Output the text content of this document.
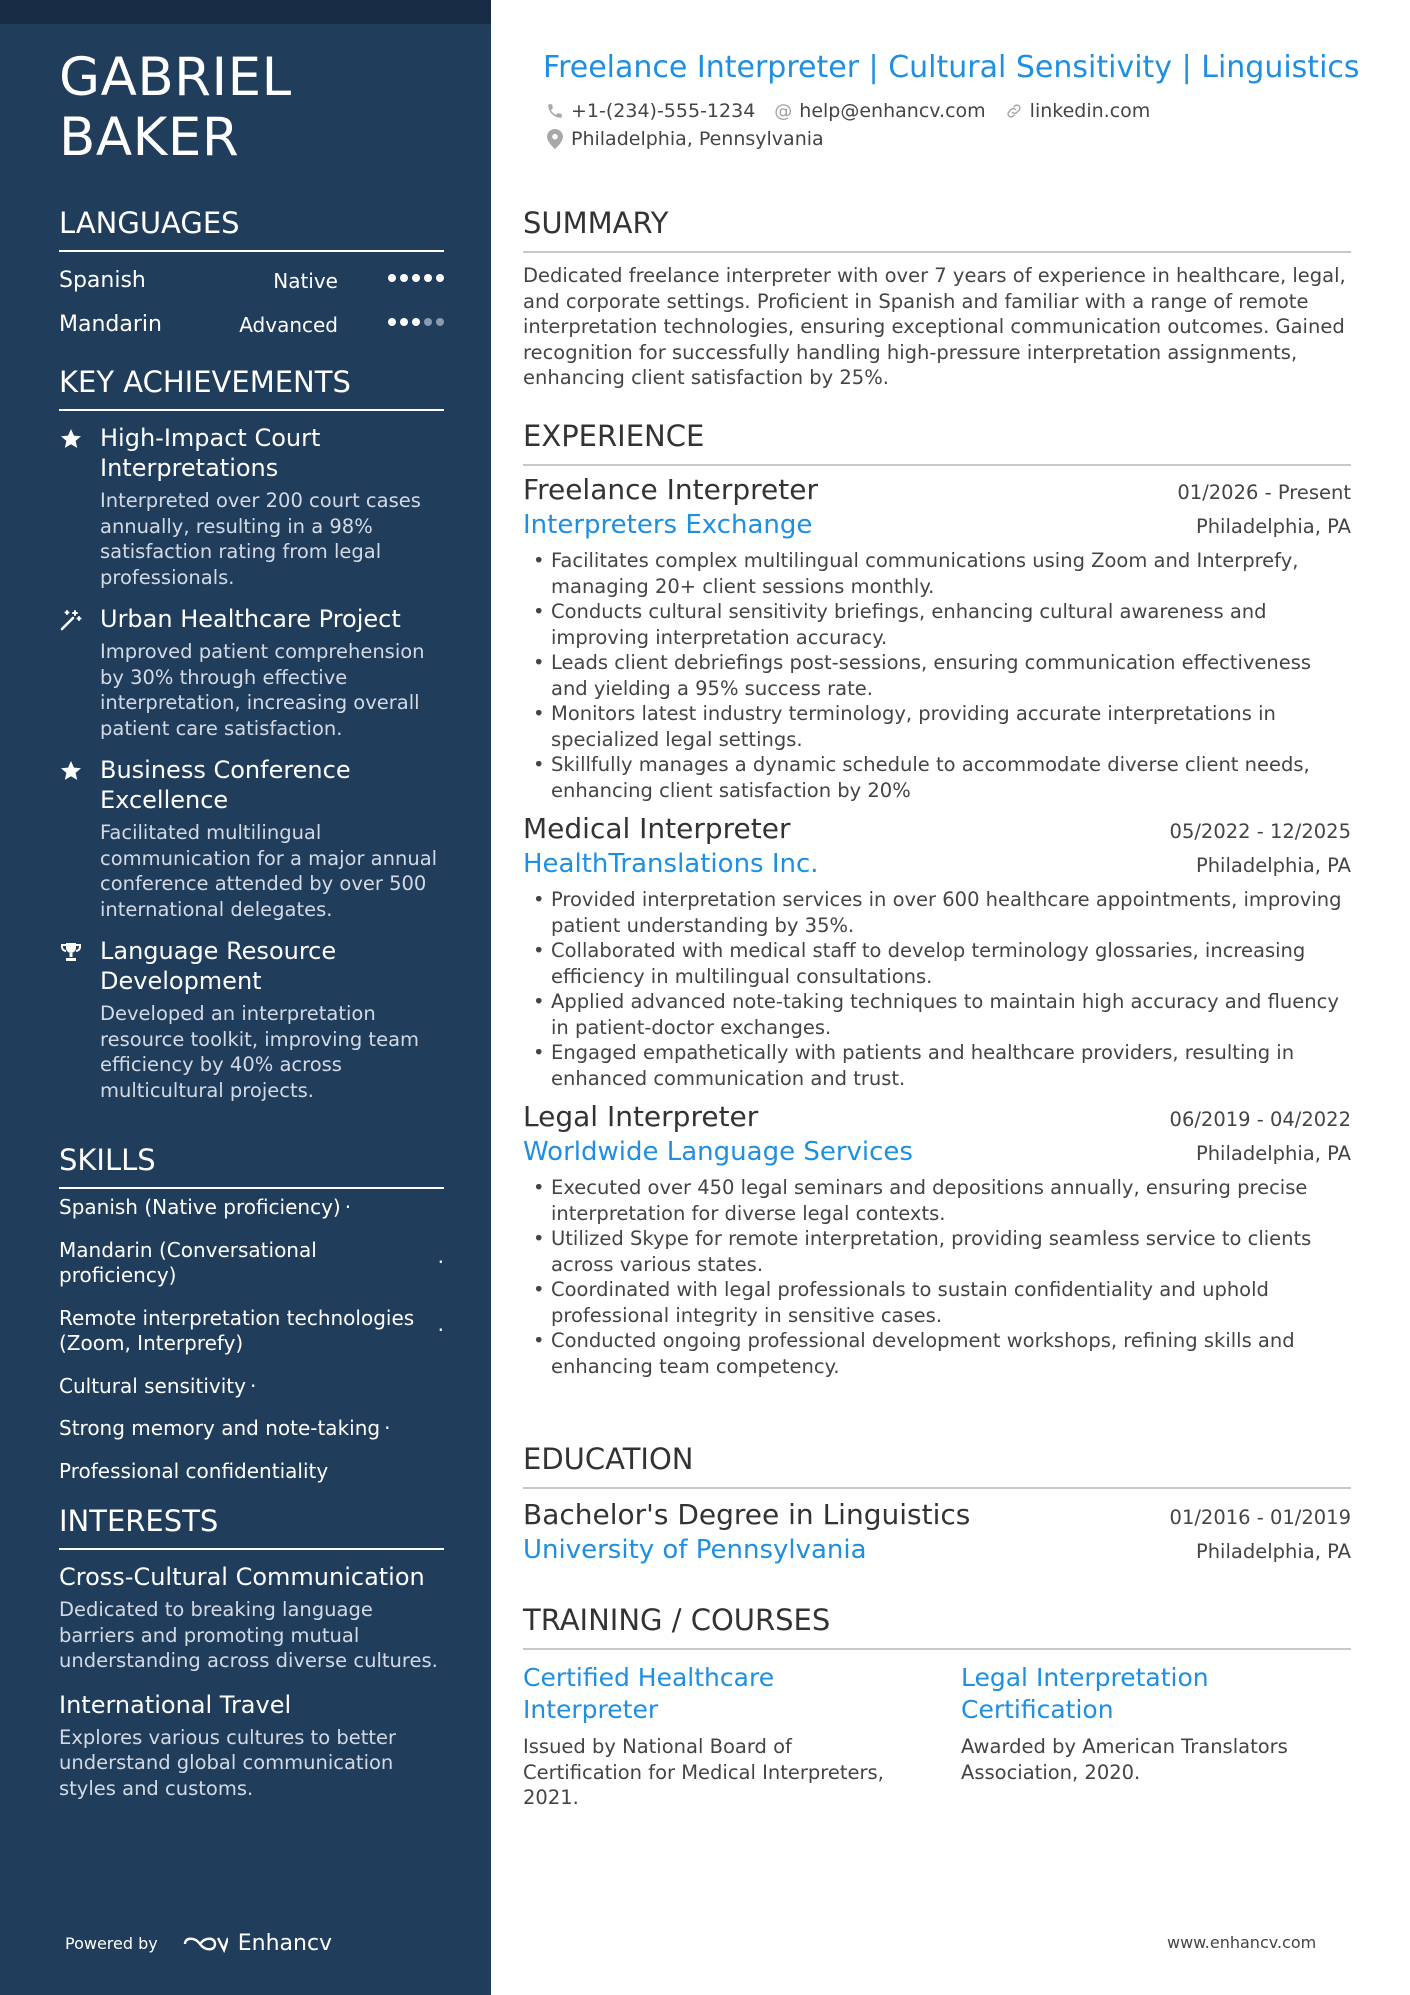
GABRIEL
BAKER
LANGUAGES
Spanish	Native
Mandarin	Advanced
KEY ACHIEVEMENTS
High-Impact Court Interpretations
Interpreted over 200 court cases annually, resulting in a 98% satisfaction rating from legal professionals.
Urban Healthcare Project
Improved patient comprehension by 30% through effective interpretation, increasing overall patient care satisfaction.
Business Conference Excellence
Facilitated multilingual communication for a major annual conference attended by over 500 international delegates.
Language Resource Development
Developed an interpretation resource toolkit, improving team efficiency by 40% across multicultural projects.
SKILLS
Spanish (Native proficiency) ·
Mandarin (Conversational proficiency)
·
Remote interpretation technologies (Zoom, Interprefy)
·
Cultural sensitivity ·
Strong memory and note-taking ·
Professional confidentiality
INTERESTS
Cross-Cultural Communication
Dedicated to breaking language barriers and promoting mutual understanding across diverse cultures.
International Travel
Explores various cultures to better understand global communication styles and customs.
Powered by	Enhancv
Freelance Interpreter | Cultural Sensitivity | Linguistics
+1-(234)-555-1234 @ help@enhancv.com linkedin.com
Philadelphia, Pennsylvania
SUMMARY

Dedicated freelance interpreter with over 7 years of experience in healthcare, legal, and corporate settings. Proficient in Spanish and familiar with a range of remote interpretation technologies, ensuring exceptional communication outcomes. Gained recognition for successfully handling high-pressure interpretation assignments, enhancing client satisfaction by 25%.

EXPERIENCE
Freelance Interpreter	01/2026 - Present
Interpreters Exchange	Philadelphia, PA
• Facilitates complex multilingual communications using Zoom and Interprefy, managing 20+ client sessions monthly.
• Conducts cultural sensitivity briefings, enhancing cultural awareness and improving interpretation accuracy.
• Leads client debriefings post-sessions, ensuring communication effectiveness and yielding a 95% success rate.
• Monitors latest industry terminology, providing accurate interpretations in specialized legal settings.
• Skillfully manages a dynamic schedule to accommodate diverse client needs, enhancing client satisfaction by 20%
Medical Interpreter	05/2022 - 12/2025
HealthTranslations Inc.	Philadelphia, PA
• Provided interpretation services in over 600 healthcare appointments, improving patient understanding by 35%.
• Collaborated with medical staff to develop terminology glossaries, increasing efficiency in multilingual consultations.
• Applied advanced note-taking techniques to maintain high accuracy and fluency in patient-doctor exchanges.
• Engaged empathetically with patients and healthcare providers, resulting in enhanced communication and trust.
Legal Interpreter	06/2019 - 04/2022
Worldwide Language Services	Philadelphia, PA
• Executed over 450 legal seminars and depositions annually, ensuring precise interpretation for diverse legal contexts.
• Utilized Skype for remote interpretation, providing seamless service to clients across various states.
• Coordinated with legal professionals to sustain confidentiality and uphold professional integrity in sensitive cases.
• Conducted ongoing professional development workshops, refining skills and enhancing team competency.
EDUCATION
Bachelor's Degree in Linguistics	01/2016 - 01/2019
University of Pennsylvania	Philadelphia, PA
TRAINING / COURSES
Certified Healthcare Interpreter
Issued by National Board of Certification for Medical Interpreters, 2021.
Legal Interpretation Certification
Awarded by American Translators Association, 2020.
www.enhancv.com
